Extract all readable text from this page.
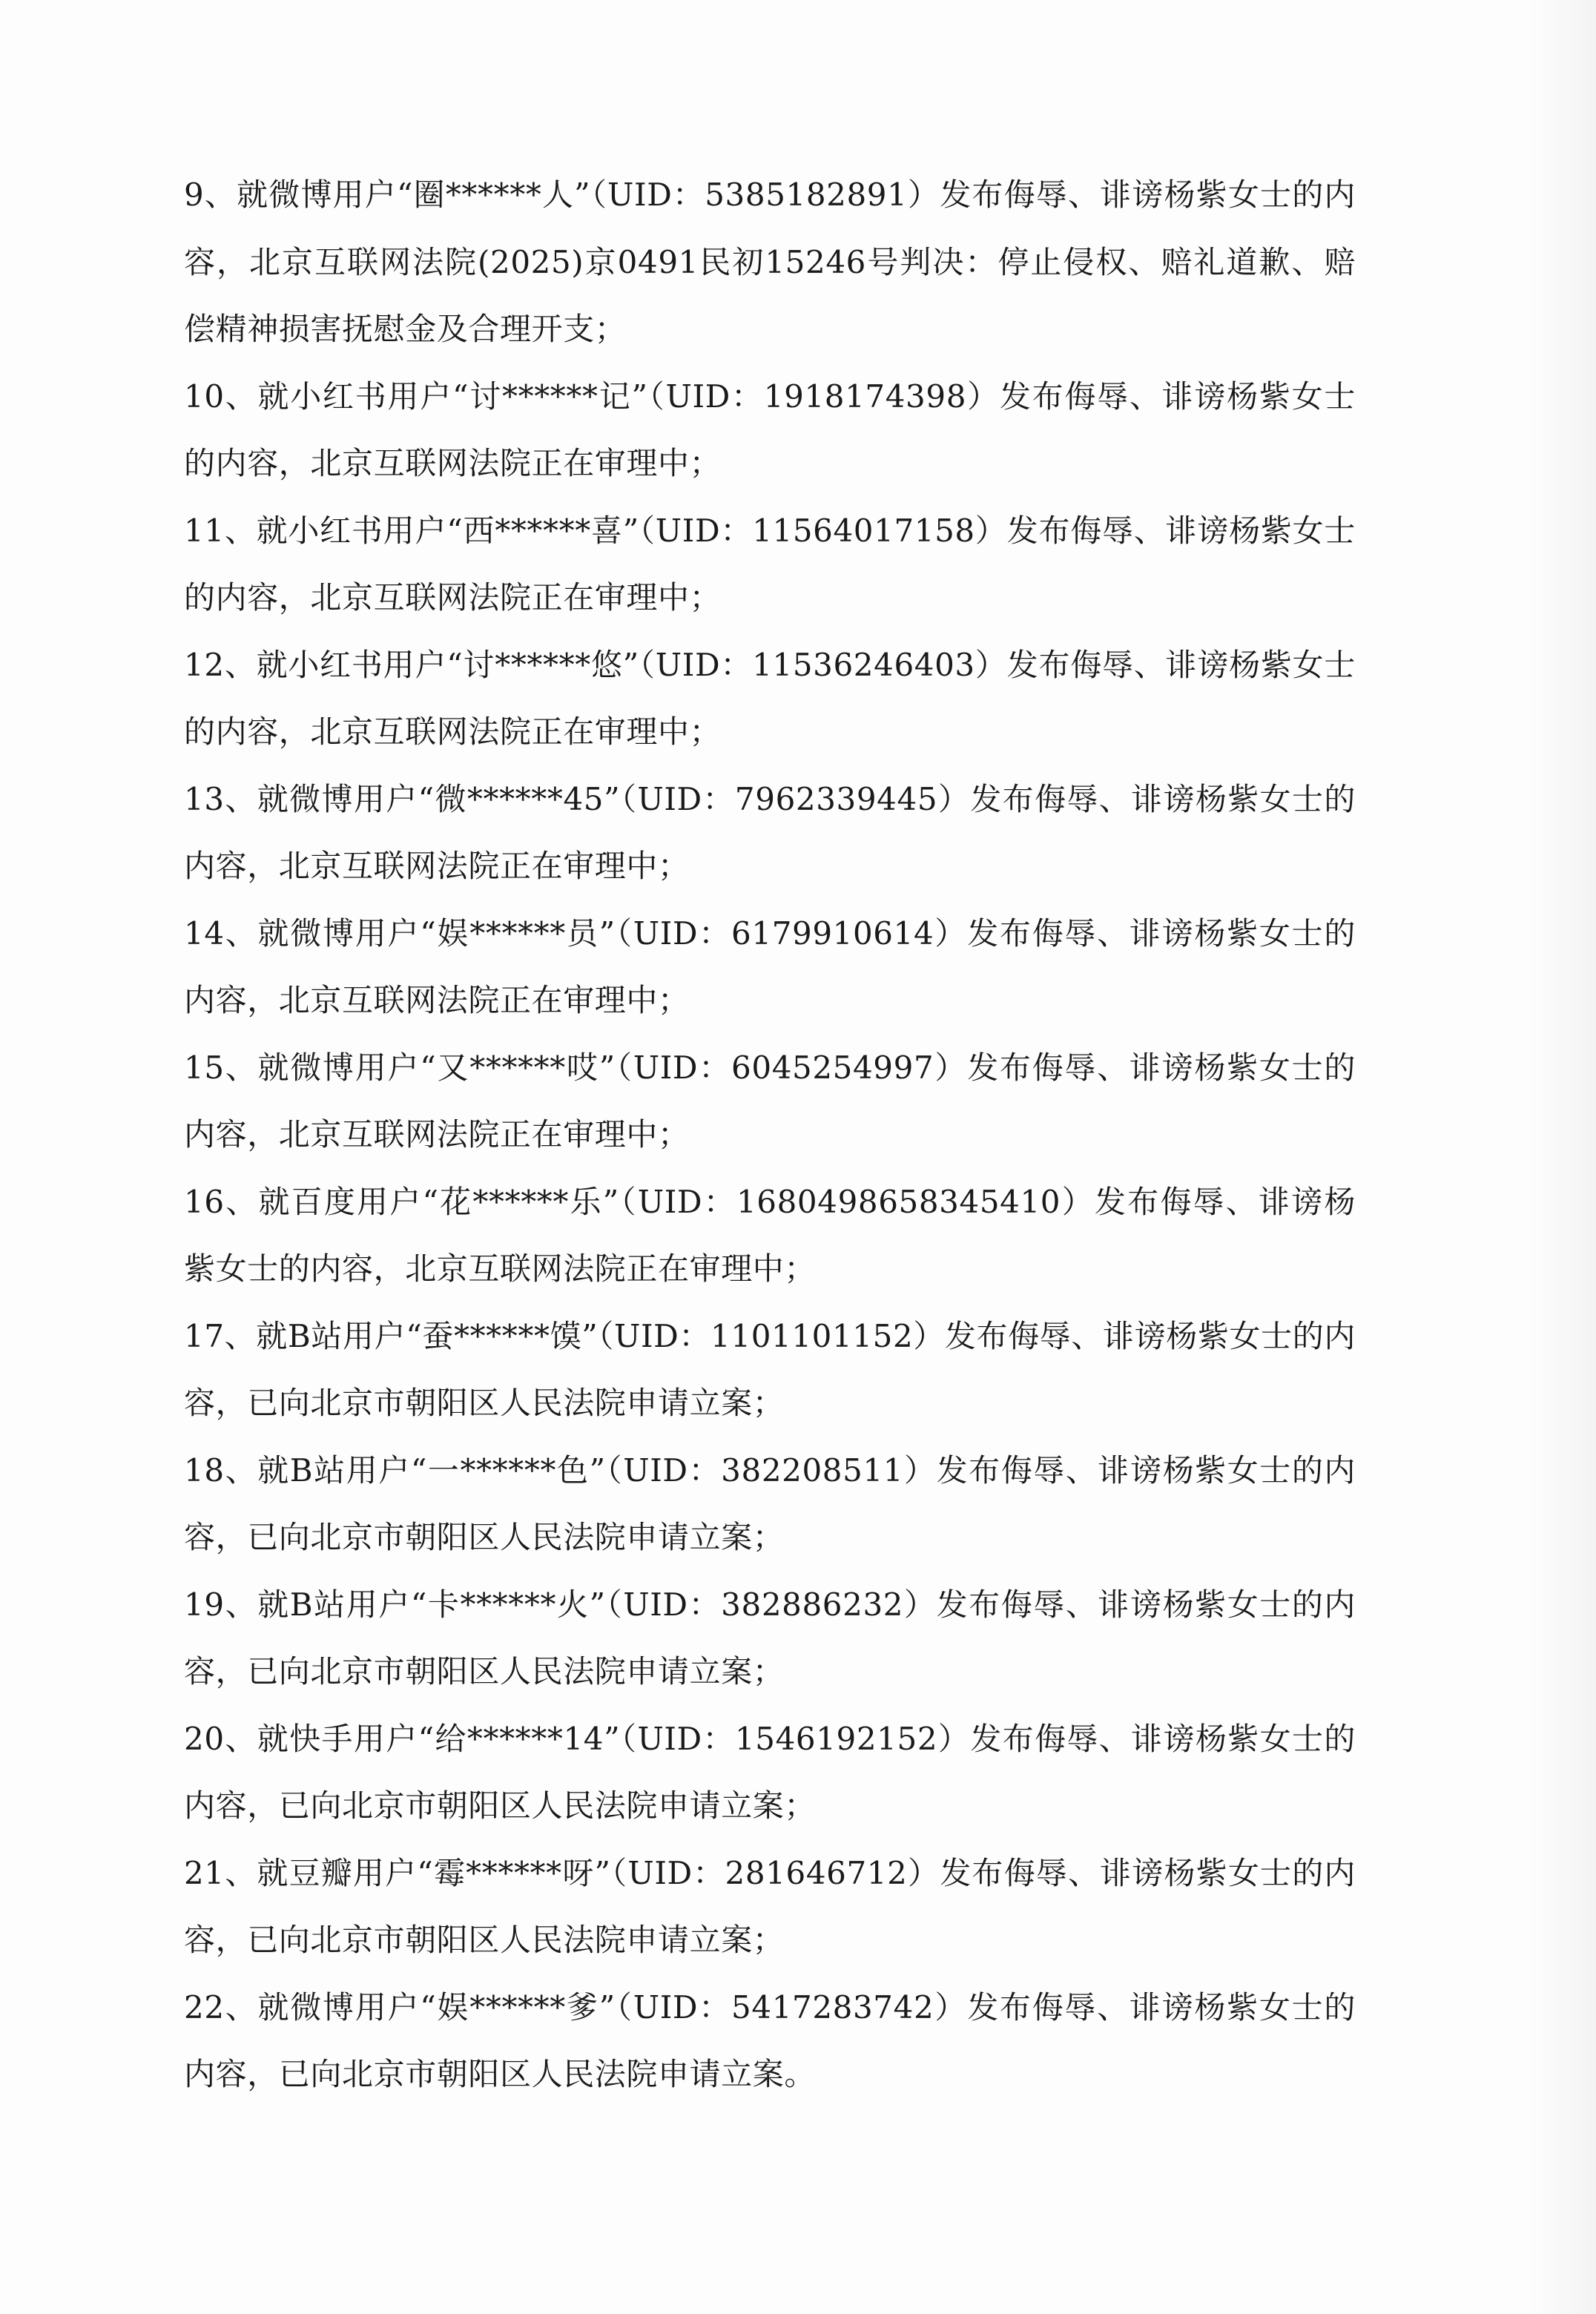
9、就微博用户“圈******人”（UID：5385182891）发布侮辱、诽谤杨紫女士的内容，北京互联网法院(2025)京0491民初15246号判决：停止侵权、赔礼道歉、赔偿精神损害抚慰金及合理开支；

10、就小红书用户“讨******记”（UID：1918174398）发布侮辱、诽谤杨紫女士的内容，北京互联网法院正在审理中；

11、就小红书用户“西******喜”（UID：11564017158）发布侮辱、诽谤杨紫女士的内容，北京互联网法院正在审理中；

12、就小红书用户“讨******悠”（UID：11536246403）发布侮辱、诽谤杨紫女士的内容，北京互联网法院正在审理中；

13、就微博用户“微******45”（UID：7962339445）发布侮辱、诽谤杨紫女士的内容，北京互联网法院正在审理中；

14、就微博用户“娱******员”（UID：6179910614）发布侮辱、诽谤杨紫女士的内容，北京互联网法院正在审理中；

15、就微博用户“又******哎”（UID：6045254997）发布侮辱、诽谤杨紫女士的内容，北京互联网法院正在审理中；

16、就百度用户“花******乐”（UID：1680498658345410）发布侮辱、诽谤杨紫女士的内容，北京互联网法院正在审理中；

17、就B站用户“蚕******馍”（UID：1101101152）发布侮辱、诽谤杨紫女士的内容，已向北京市朝阳区人民法院申请立案；

18、就B站用户“一******色”（UID：382208511）发布侮辱、诽谤杨紫女士的内容，已向北京市朝阳区人民法院申请立案；

19、就B站用户“卡******火”（UID：382886232）发布侮辱、诽谤杨紫女士的内容，已向北京市朝阳区人民法院申请立案；

20、就快手用户“给******14”（UID：1546192152）发布侮辱、诽谤杨紫女士的内容，已向北京市朝阳区人民法院申请立案；

21、就豆瓣用户“霉******呀”（UID：281646712）发布侮辱、诽谤杨紫女士的内容，已向北京市朝阳区人民法院申请立案；

22、就微博用户“娱******爹”（UID：5417283742）发布侮辱、诽谤杨紫女士的内容，已向北京市朝阳区人民法院申请立案。
